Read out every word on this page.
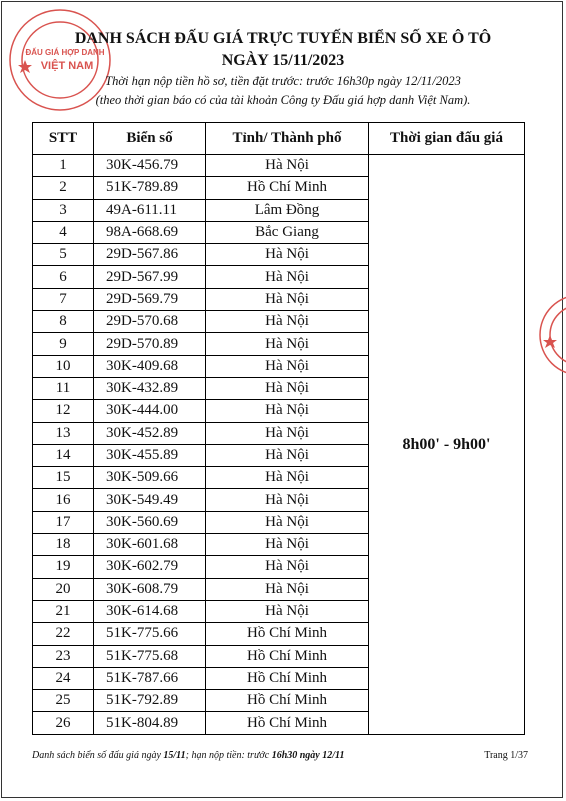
ĐẤU GIÁ HỢP DANH
VIỆT NAM
DANH SÁCH ĐẤU GIÁ TRỰC TUYẾN BIỂN SỐ XE Ô TÔ
NGÀY 15/11/2023
Thời hạn nộp tiền hồ sơ, tiền đặt trước: trước 16h30p ngày 12/11/2023
(theo thời gian báo có của tài khoản Công ty Đấu giá hợp danh Việt Nam).
STT	Biển số	Tỉnh/ Thành phố	Thời gian đấu giá
1	30K-456.79	Hà Nội	8h00' - 9h00'
2	51K-789.89	Hồ Chí Minh	
3	49A-611.11	Lâm Đồng	
4	98A-668.69	Bắc Giang	
5	29D-567.86	Hà Nội	
6	29D-567.99	Hà Nội	
7	29D-569.79	Hà Nội	
8	29D-570.68	Hà Nội	
9	29D-570.89	Hà Nội	
10	30K-409.68	Hà Nội	
11	30K-432.89	Hà Nội	
12	30K-444.00	Hà Nội	
13	30K-452.89	Hà Nội	
14	30K-455.89	Hà Nội	
15	30K-509.66	Hà Nội	
16	30K-549.49	Hà Nội	
17	30K-560.69	Hà Nội	
18	30K-601.68	Hà Nội	
19	30K-602.79	Hà Nội	
20	30K-608.79	Hà Nội	
21	30K-614.68	Hà Nội	
22	51K-775.66	Hồ Chí Minh	
23	51K-775.68	Hồ Chí Minh	
24	51K-787.66	Hồ Chí Minh	
25	51K-792.89	Hồ Chí Minh	
26	51K-804.89	Hồ Chí Minh	
Danh sách biển số đấu giá ngày 15/11; hạn nộp tiền: trước 16h30 ngày 12/11	Trang 1/37
